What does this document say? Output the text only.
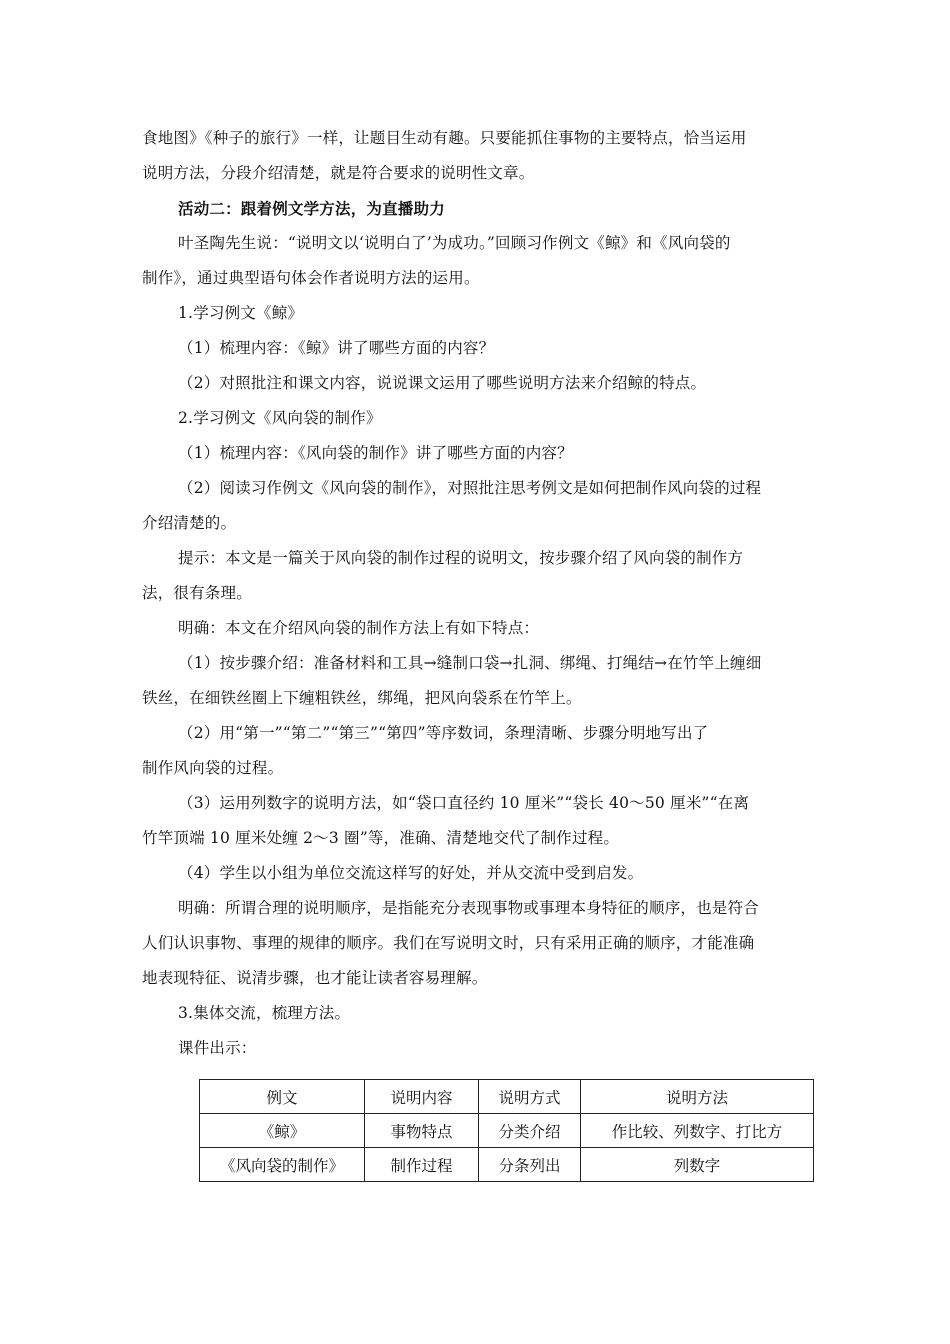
食地图》《种子的旅行》一样，让题目生动有趣。只要能抓住事物的主要特点，恰当运用
说明方法，分段介绍清楚，就是符合要求的说明性文章。
活动二：跟着例文学方法，为直播助力
叶圣陶先生说：“说明文以‘说明白了’为成功。”回顾习作例文《鲸》和《风向袋的
制作》，通过典型语句体会作者说明方法的运用。
1.学习例文《鲸》
（1）梳理内容：《鲸》讲了哪些方面的内容？
（2）对照批注和课文内容，说说课文运用了哪些说明方法来介绍鲸的特点。
2.学习例文《风向袋的制作》
（1）梳理内容：《风向袋的制作》讲了哪些方面的内容？
（2）阅读习作例文《风向袋的制作》，对照批注思考例文是如何把制作风向袋的过程
介绍清楚的。
提示：本文是一篇关于风向袋的制作过程的说明文，按步骤介绍了风向袋的制作方
法，很有条理。
明确：本文在介绍风向袋的制作方法上有如下特点：
（1）按步骤介绍：准备材料和工具→缝制口袋→扎洞、绑绳、打绳结→在竹竿上缠细
铁丝，在细铁丝圈上下缠粗铁丝，绑绳，把风向袋系在竹竿上。
（2）用“第一”“第二”“第三”“第四”等序数词，条理清晰、步骤分明地写出了
制作风向袋的过程。
（3）运用列数字的说明方法，如“袋口直径约 10 厘米”“袋长 40～50 厘米”“在离
竹竿顶端 10 厘米处缠 2～3 圈”等，准确、清楚地交代了制作过程。
（4）学生以小组为单位交流这样写的好处，并从交流中受到启发。
明确：所谓合理的说明顺序，是指能充分表现事物或事理本身特征的顺序，也是符合
人们认识事物、事理的规律的顺序。我们在写说明文时，只有采用正确的顺序，才能准确
地表现特征、说清步骤，也才能让读者容易理解。
3.集体交流，梳理方法。
课件出示：
例文	说明内容	说明方式	说明方法
《鲸》	事物特点	分类介绍	作比较、列数字、打比方
《风向袋的制作》	制作过程	分条列出	列数字
